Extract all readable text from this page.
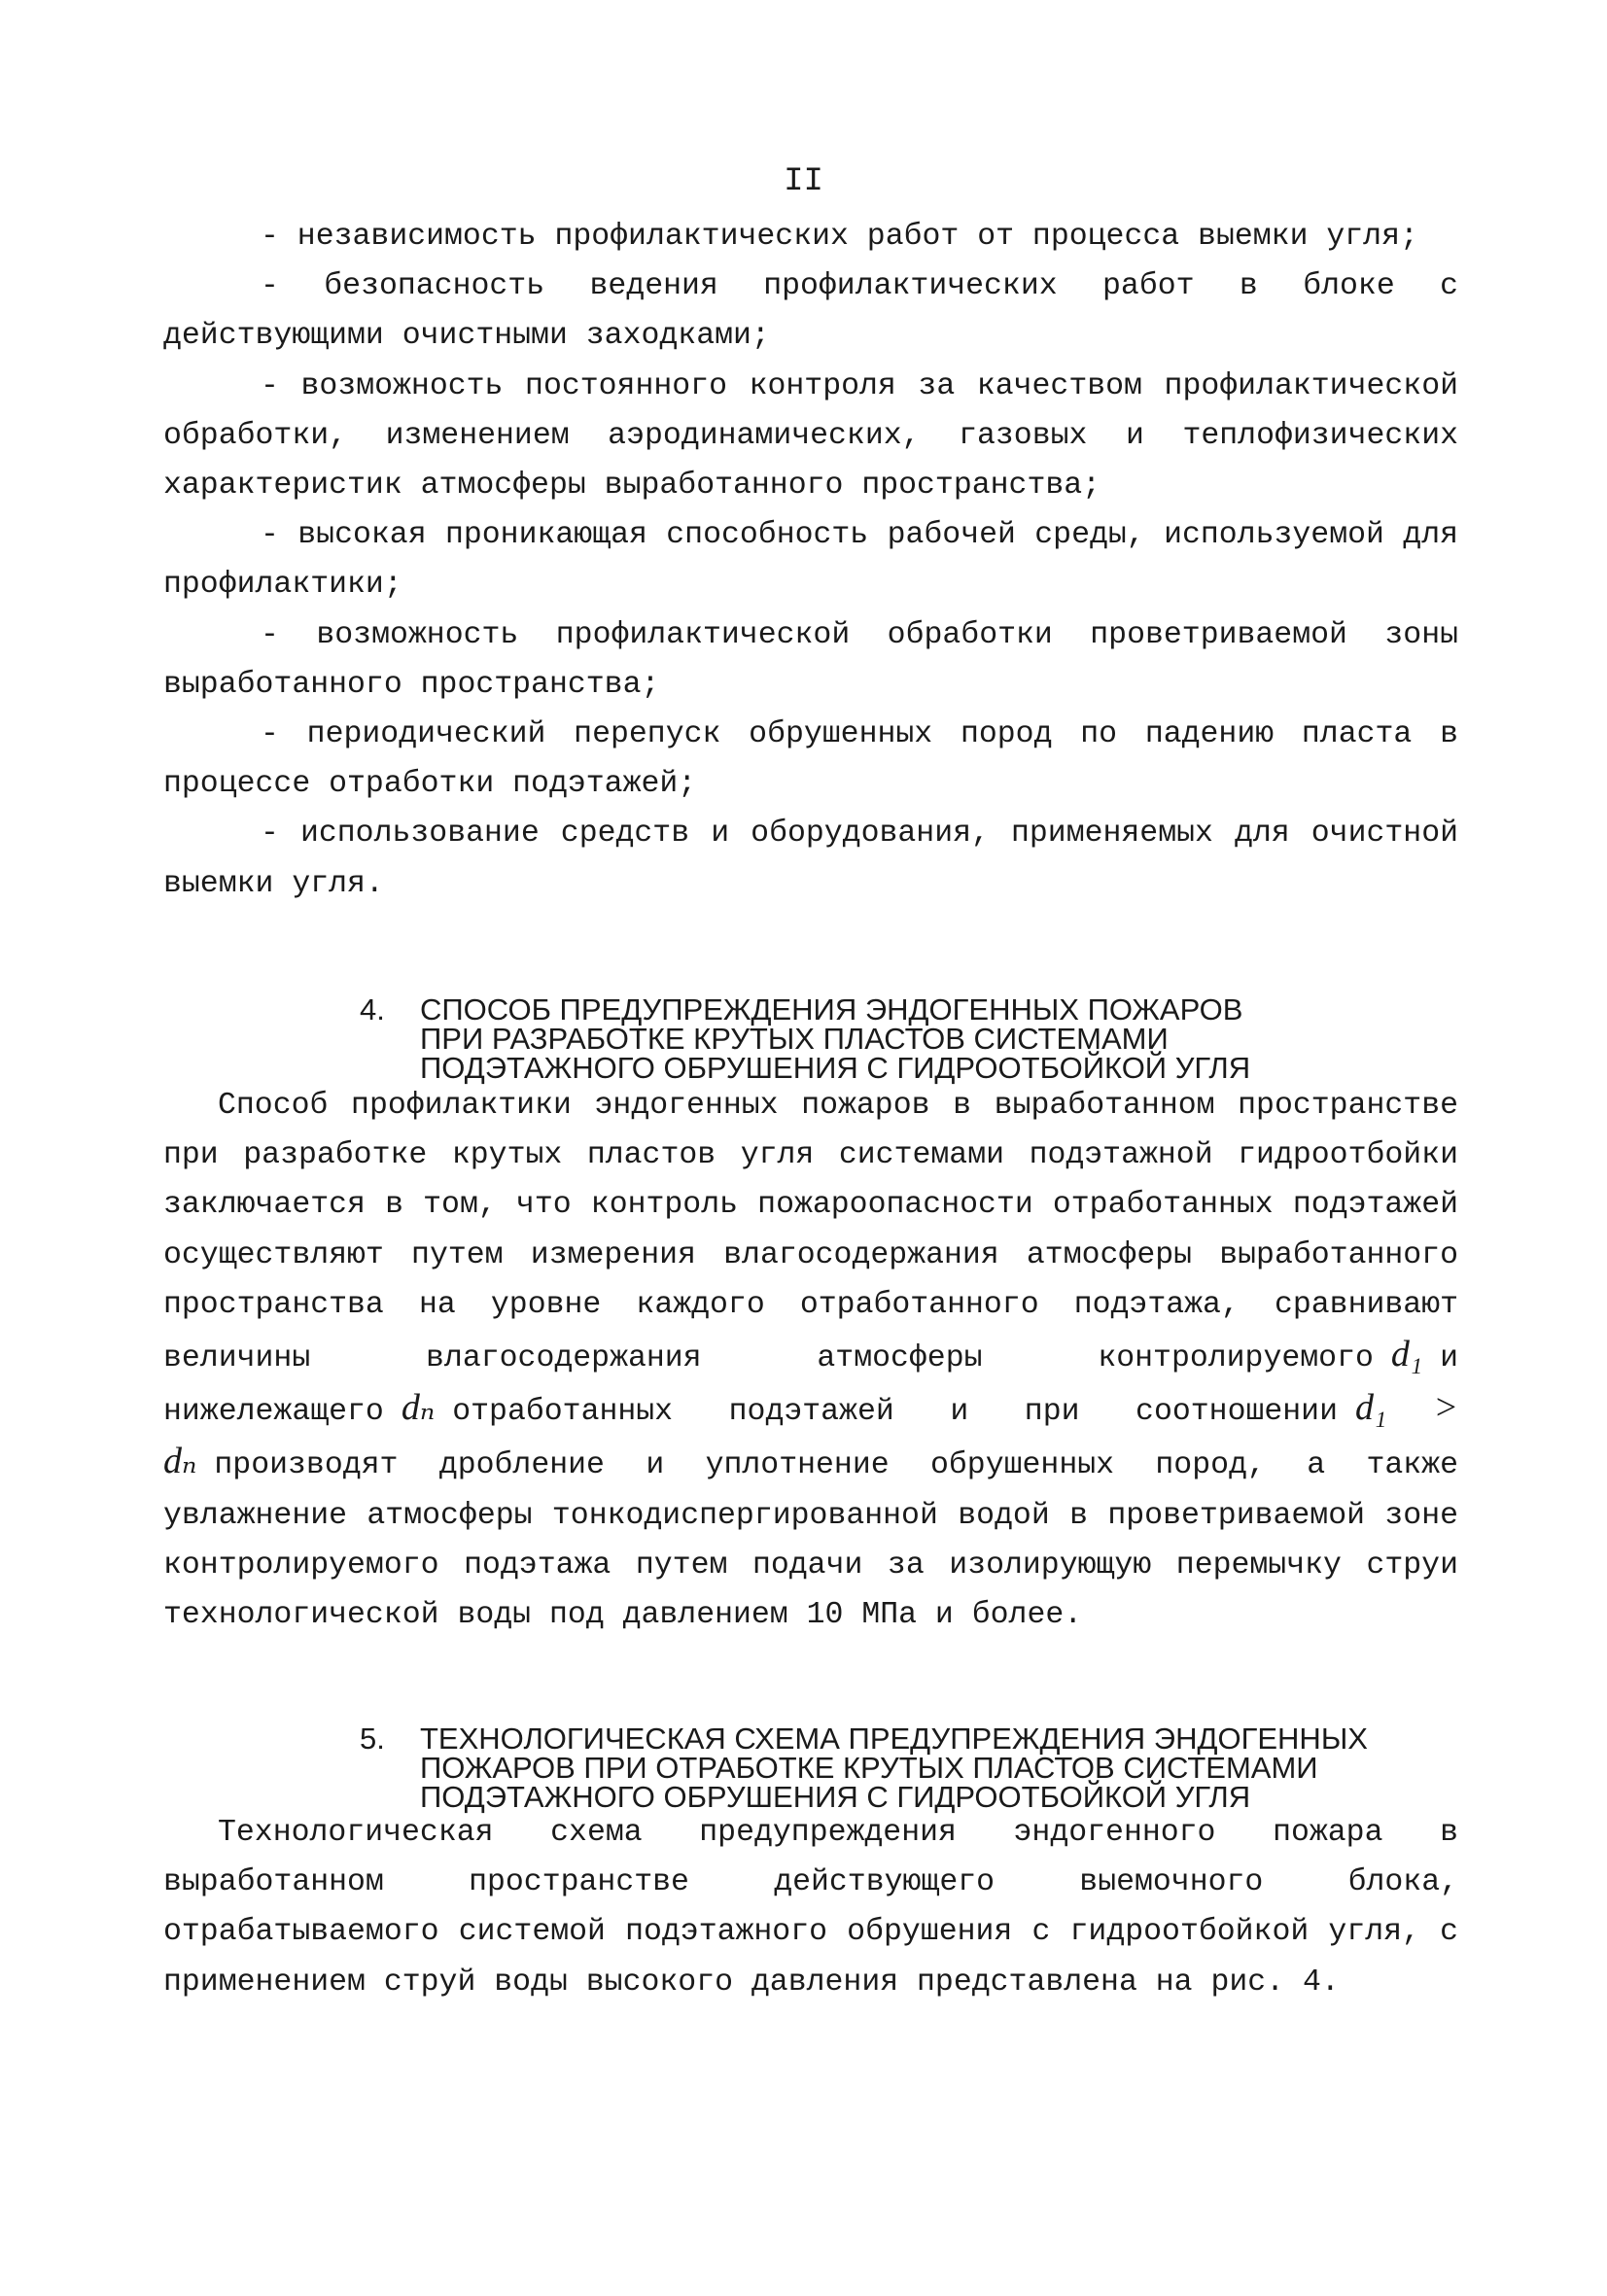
II

- независимость профилактических работ от процесса выемки угля;

- безопасность ведения профилактических работ в блоке с действующими очистными заходками;

- возможность постоянного контроля за качеством профилактической обработки, изменением аэродинамических, газовых и теплофизических характеристик атмосферы выработанного пространства;

- высокая проникающая способность рабочей среды, используемой для профилактики;

- возможность профилактической обработки проветриваемой зоны выработанного пространства;

- периодический перепуск обрушенных пород по падению пласта в процессе отработки подэтажей;

- использование средств и оборудования, применяемых для очистной выемки угля.

4.	СПОСОБ ПРЕДУПРЕЖДЕНИЯ ЭНДОГЕННЫХ ПОЖАРОВ
ПРИ РАЗРАБОТКЕ КРУТЫХ ПЛАСТОВ СИСТЕМАМИ
ПОДЭТАЖНОГО ОБРУШЕНИЯ С ГИДРООТБОЙКОЙ УГЛЯ

Способ профилактики эндогенных пожаров в выработанном пространстве при разработке крутых пластов угля системами подэтажной гидроотбойки заключается в том, что контроль пожароопасности отработанных подэтажей осуществляют путем измерения влагосодержания атмосферы выработанного пространства на уровне каждого отработанного подэтажа, сравнивают величины влагосодержания атмосферы контролируемого d₁ и нижележащего dₙ отработанных подэтажей и при соотношении d₁ > dₙ производят дробление и уплотнение обрушенных пород, а также увлажнение атмосферы тонкодиспергированной водой в проветриваемой зоне контролируемого подэтажа путем подачи за изолирующую перемычку струи технологической воды под давлением 10 МПа и более.

5.	ТЕХНОЛОГИЧЕСКАЯ СХЕМА ПРЕДУПРЕЖДЕНИЯ ЭНДОГЕННЫХ
ПОЖАРОВ ПРИ ОТРАБОТКЕ КРУТЫХ ПЛАСТОВ СИСТЕМАМИ
ПОДЭТАЖНОГО ОБРУШЕНИЯ С ГИДРООТБОЙКОЙ УГЛЯ

Технологическая схема предупреждения эндогенного пожара в выработанном пространстве действующего выемочного блока, отрабатываемого системой подэтажного обрушения с гидроотбойкой угля, с применением струй воды высокого давления представлена на рис. 4.
